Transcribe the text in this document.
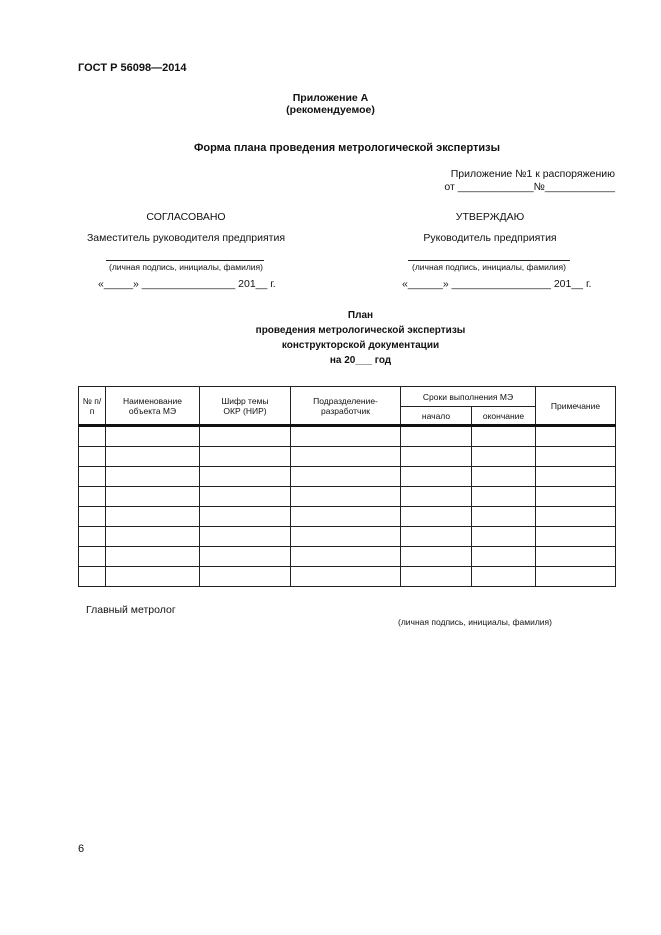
ГОСТ Р 56098—2014
Приложение А
(рекомендуемое)
Форма плана проведения метрологической экспертизы
Приложение №1 к распоряжению
от _____________№____________
СОГЛАСОВАНО
Заместитель руководителя предприятия
(личная подпись, инициалы, фамилия)
«_____» ________________ 201__ г.
УТВЕРЖДАЮ
Руководитель предприятия
(личная подпись, инициалы, фамилия)
«______» _________________ 201__ г.
План
проведения метрологической экспертизы
конструкторской документации
на 20___ год
№ п/п	Наименование объекта МЭ	Шифр темы ОКР (НИР)	Подразделение-разработчик	Сроки выполнения МЭ		Примечание
				начало	окончание	

Главный метролог
(личная подпись, инициалы, фамилия)
6
